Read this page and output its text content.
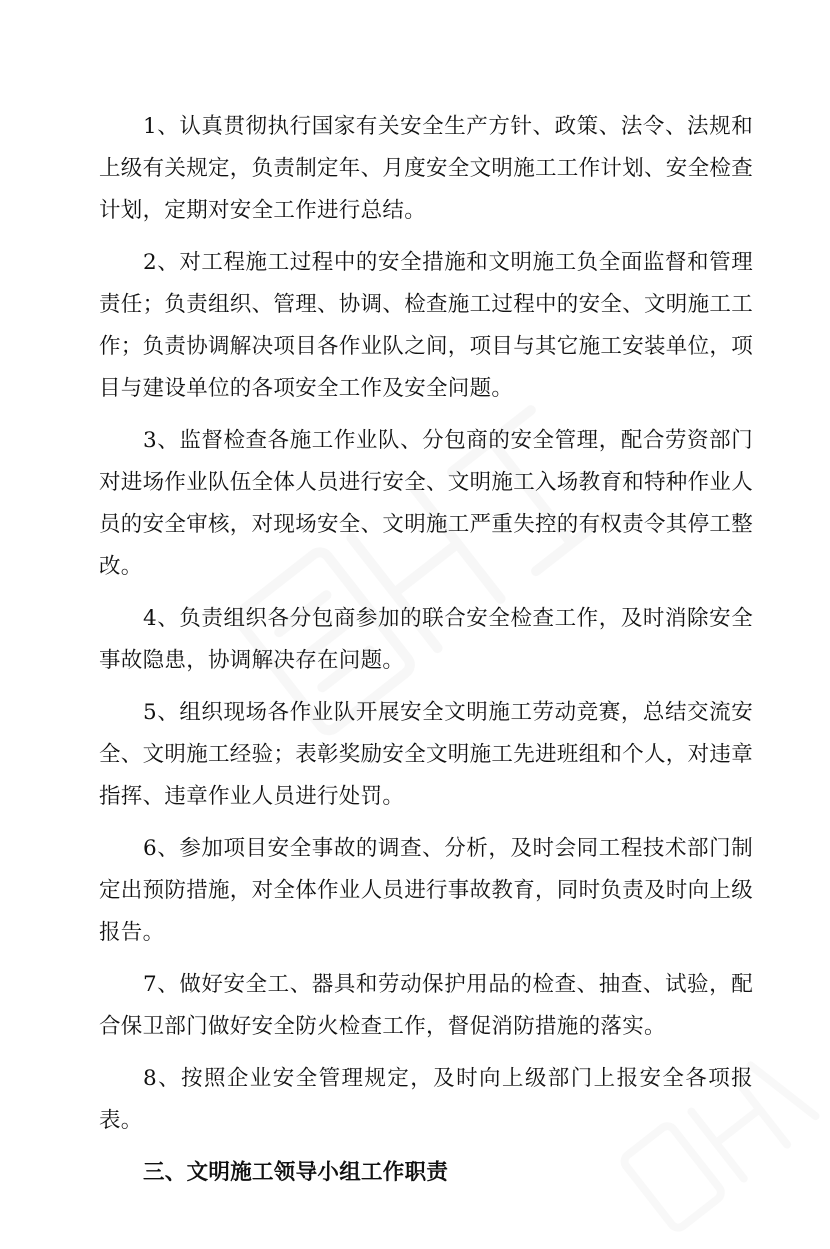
1、认真贯彻执行国家有关安全生产方针、政策、法令、法规和上级有关规定，负责制定年、月度安全文明施工工作计划、安全检查计划，定期对安全工作进行总结。

2、对工程施工过程中的安全措施和文明施工负全面监督和管理责任；负责组织、管理、协调、检查施工过程中的安全、文明施工工作；负责协调解决项目各作业队之间，项目与其它施工安装单位，项目与建设单位的各项安全工作及安全问题。

3、监督检查各施工作业队、分包商的安全管理，配合劳资部门对进场作业队伍全体人员进行安全、文明施工入场教育和特种作业人员的安全审核，对现场安全、文明施工严重失控的有权责令其停工整改。

4、负责组织各分包商参加的联合安全检查工作，及时消除安全事故隐患，协调解决存在问题。

5、组织现场各作业队开展安全文明施工劳动竞赛，总结交流安全、文明施工经验；表彰奖励安全文明施工先进班组和个人，对违章指挥、违章作业人员进行处罚。

6、参加项目安全事故的调查、分析，及时会同工程技术部门制定出预防措施，对全体作业人员进行事故教育，同时负责及时向上级报告。

7、做好安全工、器具和劳动保护用品的检查、抽查、试验，配合保卫部门做好安全防火检查工作，督促消防措施的落实。

8、按照企业安全管理规定，及时向上级部门上报安全各项报表。

三、文明施工领导小组工作职责
